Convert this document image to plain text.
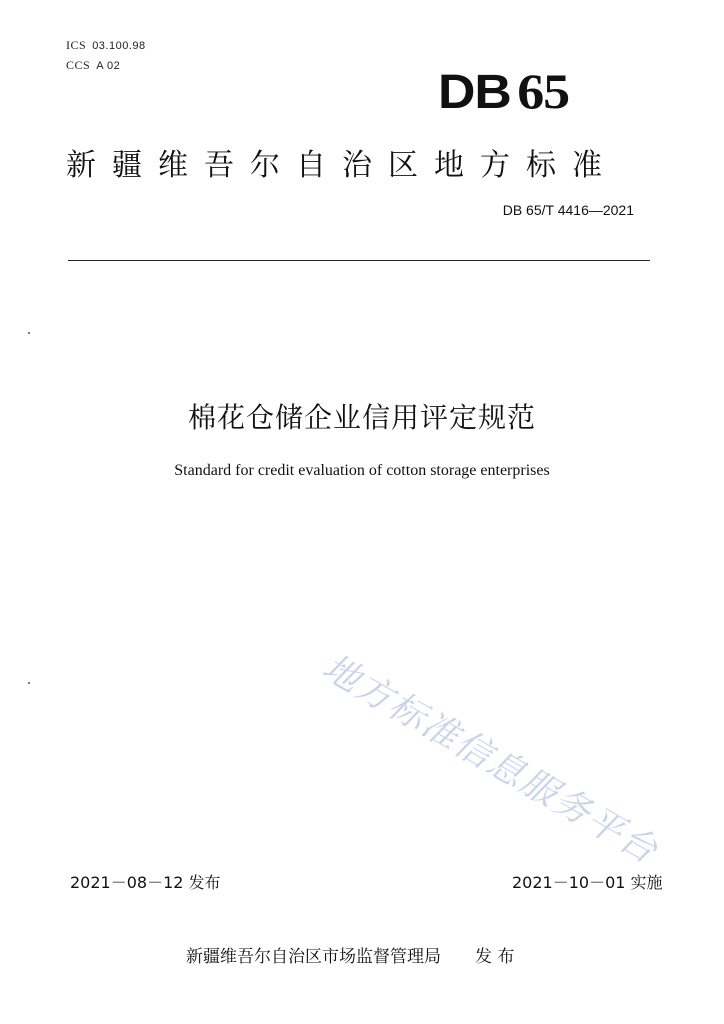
ICS 03.100.98
CCS A 02	DB 65
新疆维吾尔自治区地方标准
DB 65/T 4416—2021
棉花仓储企业信用评定规范
Standard for credit evaluation of cotton storage enterprises
地方标准信息服务平台
2021－08－12 发布	2021－10－01 实施
新疆维吾尔自治区市场监督管理局　　发 布
